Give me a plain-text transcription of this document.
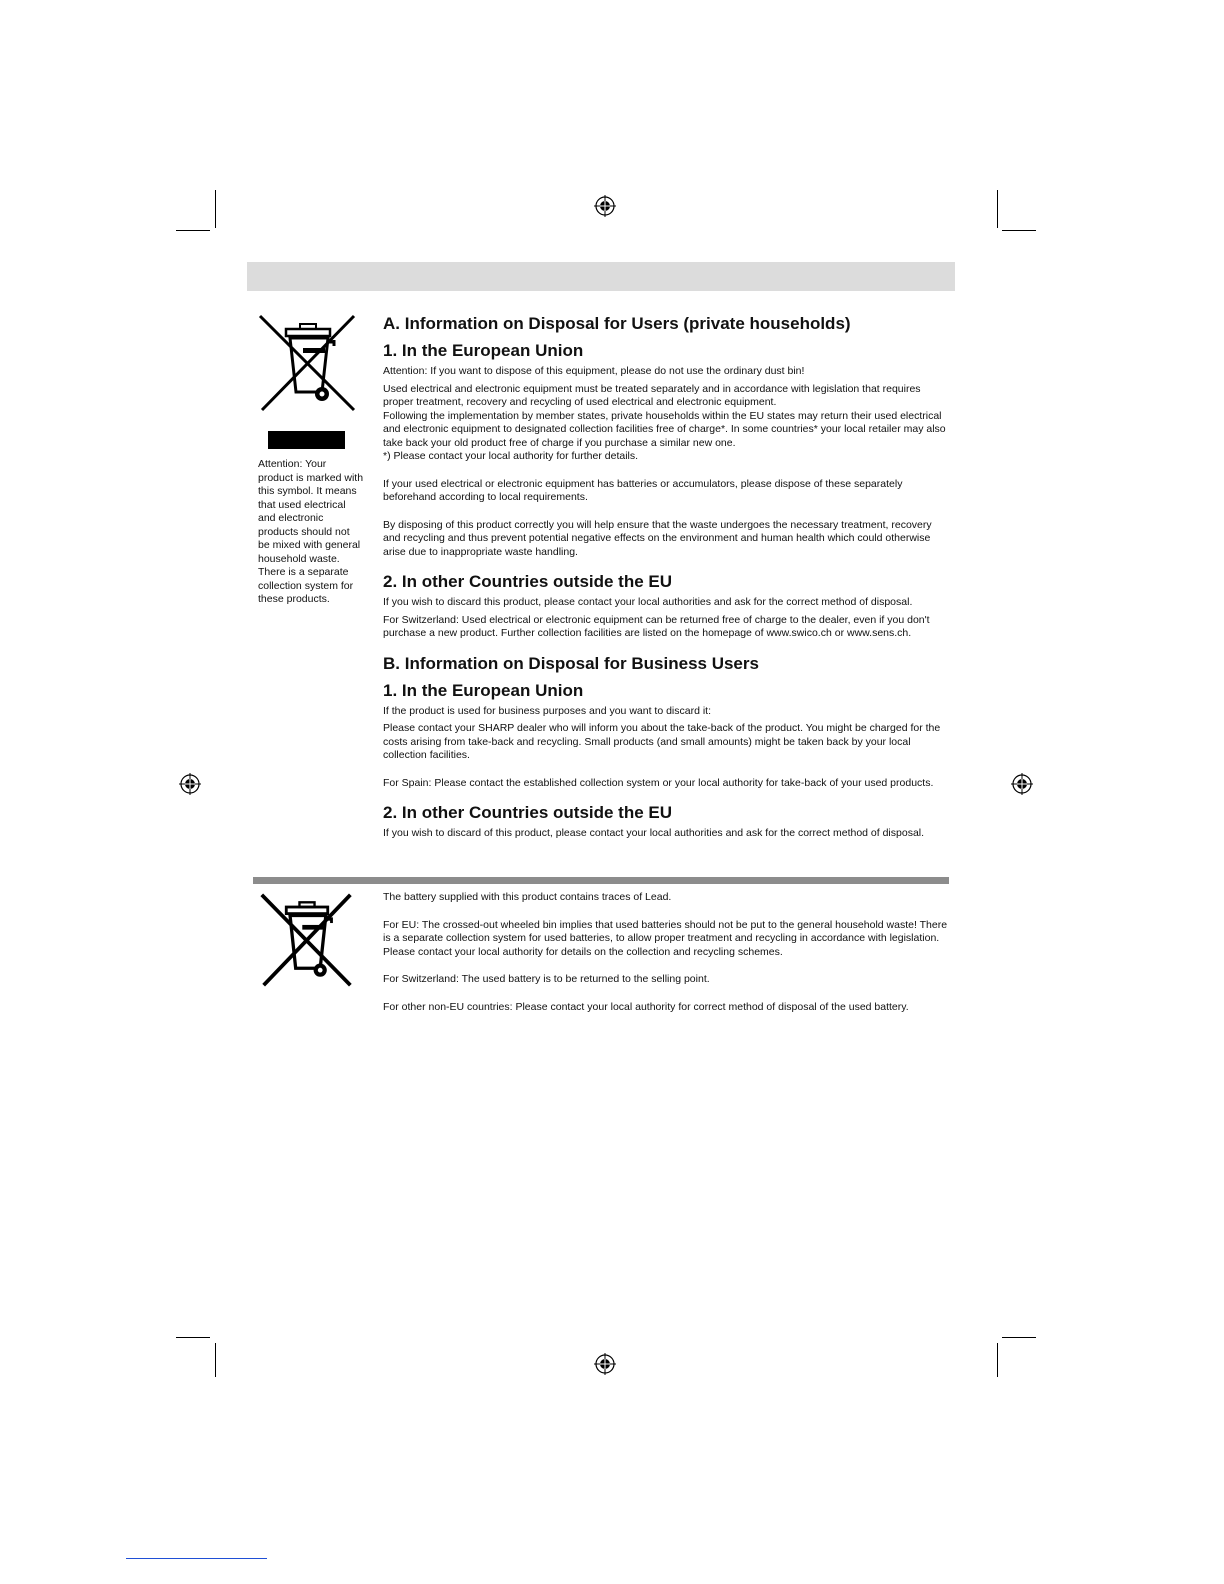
Attention: Your product is marked with this symbol. It means that used electrical and electronic products should not be mixed with general household waste. There is a separate collection system for these products.
A. Information on Disposal for Users (private households)
1. In the European Union
Attention: If you want to dispose of this equipment, please do not use the ordinary dust bin!
Used electrical and electronic equipment must be treated separately and in accordance with legislation that requires proper treatment, recovery and recycling of used electrical and electronic equipment.
Following the implementation by member states, private households within the EU states may return their used electrical and electronic equipment to designated collection facilities free of charge*. In some countries* your local retailer may also take back your old product free of charge if you purchase a similar new one.
*) Please contact your local authority for further details.
If your used electrical or electronic equipment has batteries or accumulators, please dispose of these separately beforehand according to local requirements.
By disposing of this product correctly you will help ensure that the waste undergoes the necessary treatment, recovery and recycling and thus prevent potential negative effects on the environment and human health which could otherwise arise due to inappropriate waste handling.
2. In other Countries outside the EU
If you wish to discard this product, please contact your local authorities and ask for the correct method of disposal.
For Switzerland: Used electrical or electronic equipment can be returned free of charge to the dealer, even if you don't purchase a new product. Further collection facilities are listed on the homepage of www.swico.ch or www.sens.ch.
B. Information on Disposal for Business Users
1. In the European Union
If the product is used for business purposes and you want to discard it:
Please contact your SHARP dealer who will inform you about the take-back of the product. You might be charged for the costs arising from take-back and recycling. Small products (and small amounts) might be taken back by your local collection facilities.
For Spain: Please contact the established collection system or your local authority for take-back of your used products.
2. In other Countries outside the EU
If you wish to discard of this product, please contact your local authorities and ask for the correct method of disposal.
The battery supplied with this product contains traces of Lead.
For EU: The crossed-out wheeled bin implies that used batteries should not be put to the general household waste! There is a separate collection system for used batteries, to allow proper treatment and recycling in accordance with legislation. Please contact your local authority for details on the collection and recycling schemes.
For Switzerland: The used battery is to be returned to the selling point.
For other non-EU countries: Please contact your local authority for correct method of disposal of the used battery.
